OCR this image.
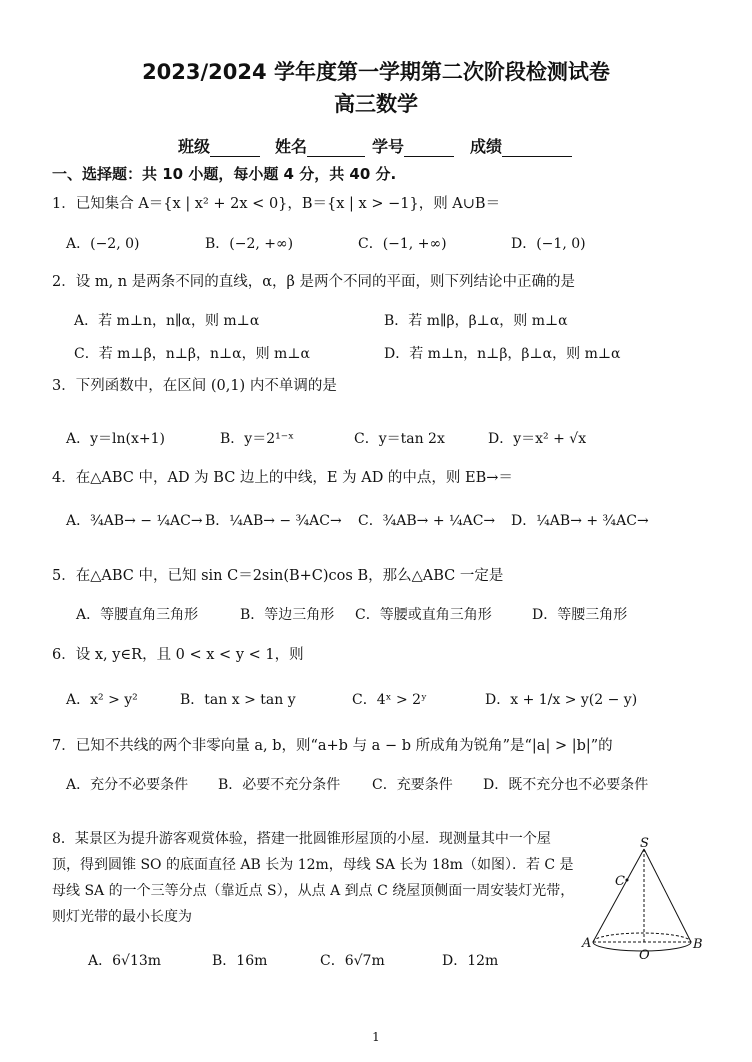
2023/2024 学年度第一学期第二次阶段检测试卷
高三数学
班级	姓名	学号	成绩
一、选择题：共 10 小题，每小题 4 分，共 40 分.
1．已知集合 A＝{x | x² + 2x < 0}，B＝{x | x > −1}，则 A∪B＝
A．(−2, 0)	B．(−2, +∞)	C．(−1, +∞)	D．(−1, 0)
2．设 m, n 是两条不同的直线，α，β 是两个不同的平面，则下列结论中正确的是
A．若 m⊥n，n∥α，则 m⊥α	B．若 m∥β，β⊥α，则 m⊥α
C．若 m⊥β，n⊥β，n⊥α，则 m⊥α	D．若 m⊥n，n⊥β，β⊥α，则 m⊥α
3．下列函数中，在区间 (0,1) 内不单调的是
A．y＝ln(x+1)	B．y＝2¹⁻ˣ	C．y＝tan 2x	D．y＝x² + √x
4．在△ABC 中，AD 为 BC 边上的中线，E 为 AD 的中点，则 EB→＝
A．¾AB→ − ¼AC→ B．¼AB→ − ¾AC→ C．¾AB→ + ¼AC→ D．¼AB→ + ¾AC→
5．在△ABC 中，已知 sin C＝2sin(B+C)cos B，那么△ABC 一定是
A．等腰直角三角形	B．等边三角形 C．等腰或直角三角形	D．等腰三角形
6．设 x, y∈R，且 0 < x < y < 1，则
A．x² > y²	B．tan x > tan y	C．4ˣ > 2ʸ	D．x + 1/x > y(2 − y)
7．已知不共线的两个非零向量 a, b，则“a+b 与 a − b 所成角为锐角”是“|a| > |b|”的
A．充分不必要条件 B．必要不充分条件 C．充要条件 D．既不充分也不必要条件
8．某景区为提升游客观赏体验，搭建一批圆锥形屋顶的小屋．现测量其中一个屋顶，得到圆锥 SO 的底面直径 AB 长为 12m，母线 SA 长为 18m（如图）．若 C 是母线 SA 的一个三等分点（靠近点 S），从点 A 到点 C 绕屋顶侧面一周安装灯光带，则灯光带的最小长度为
A．6√13m	B．16m	C．6√7m	D．12m
S
C
A	B
O
1
